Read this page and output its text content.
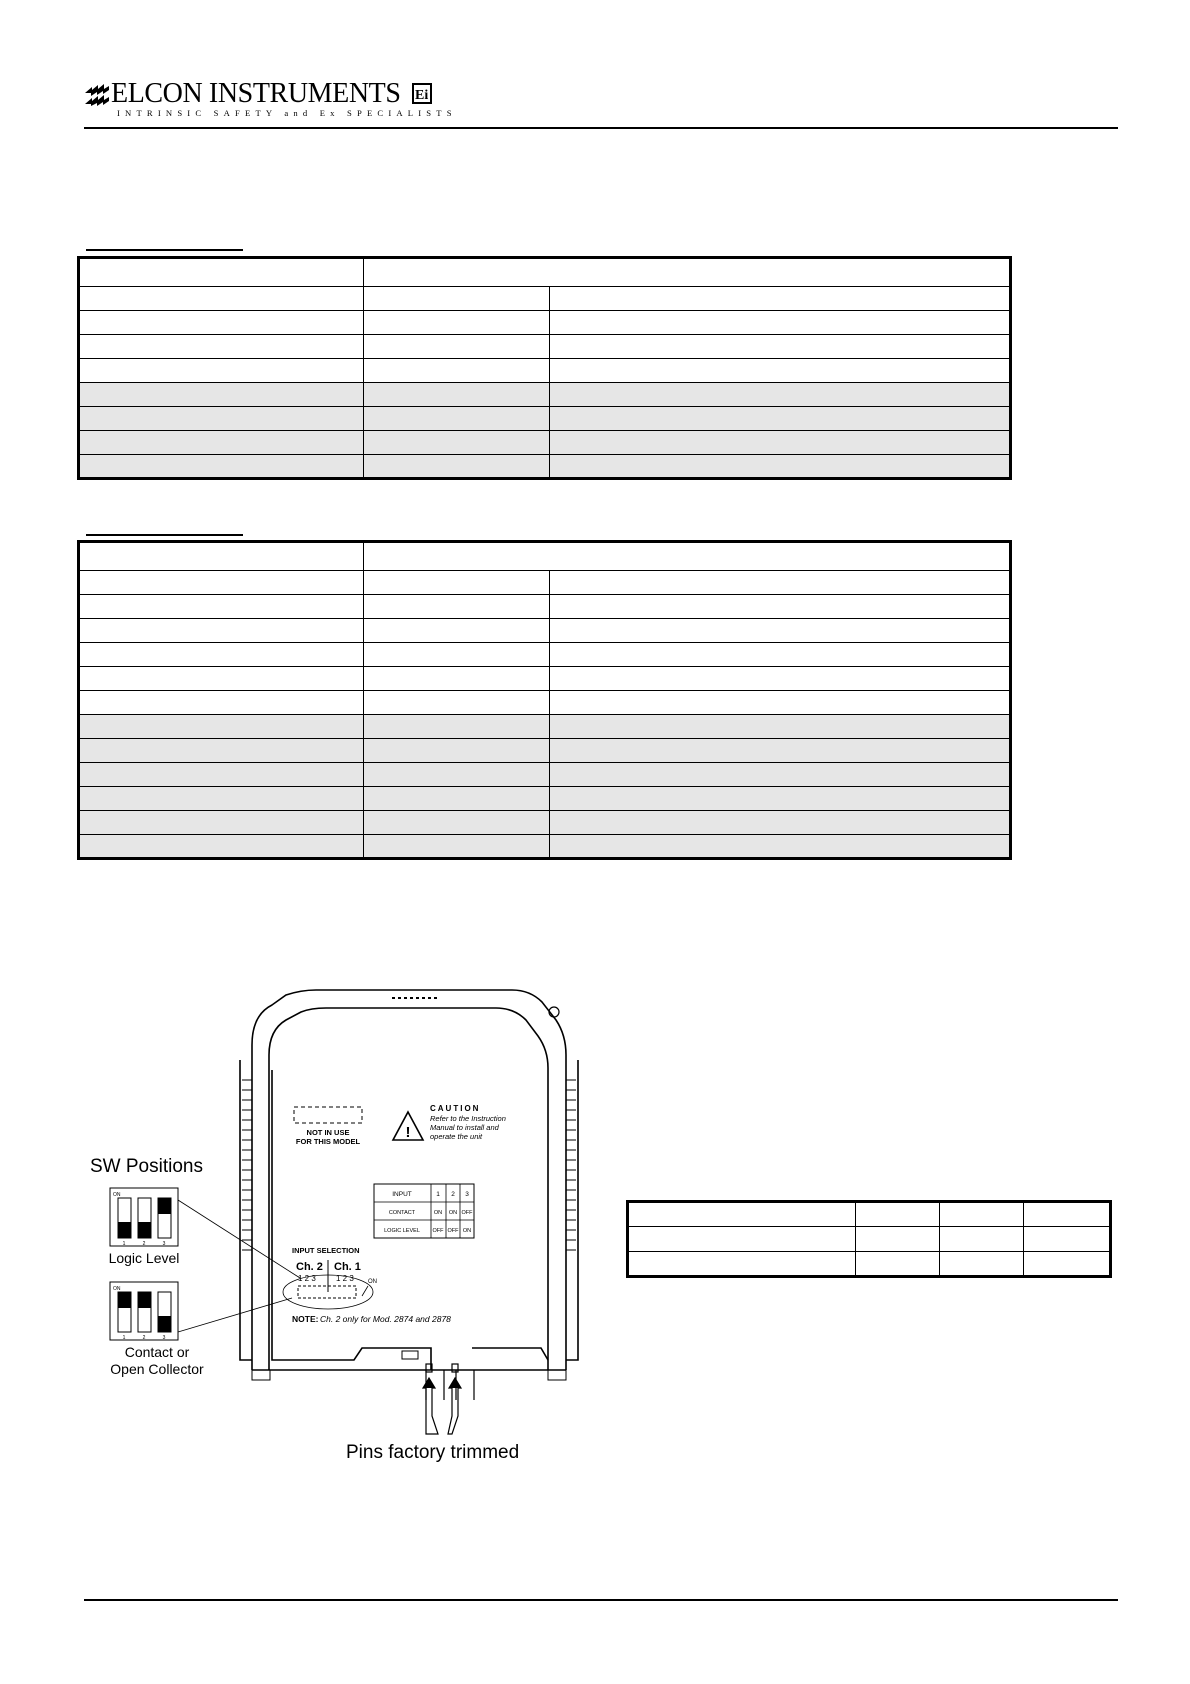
ELCON INSTRUMENTS Ei
INTRINSIC SAFETY and Ex SPECIALISTS

NOT IN USE
FOR THIS MODEL
!
CAUTION
Refer to the Instruction
Manual to install and
operate the unit
INPUT	1 2 3
CONTACT	ON ON OFF
LOGIC LEVEL OFF OFF ON
INPUT SELECTION
Ch. 2 Ch. 1
1 2 3	1 2 3 ON
NOTE: Ch. 2 only for Mod. 2874 and 2878
Pins factory trimmed
SW Positions
ON
1	2	3
Logic Level
ON
1	2	3
Contact or
Open Collector
